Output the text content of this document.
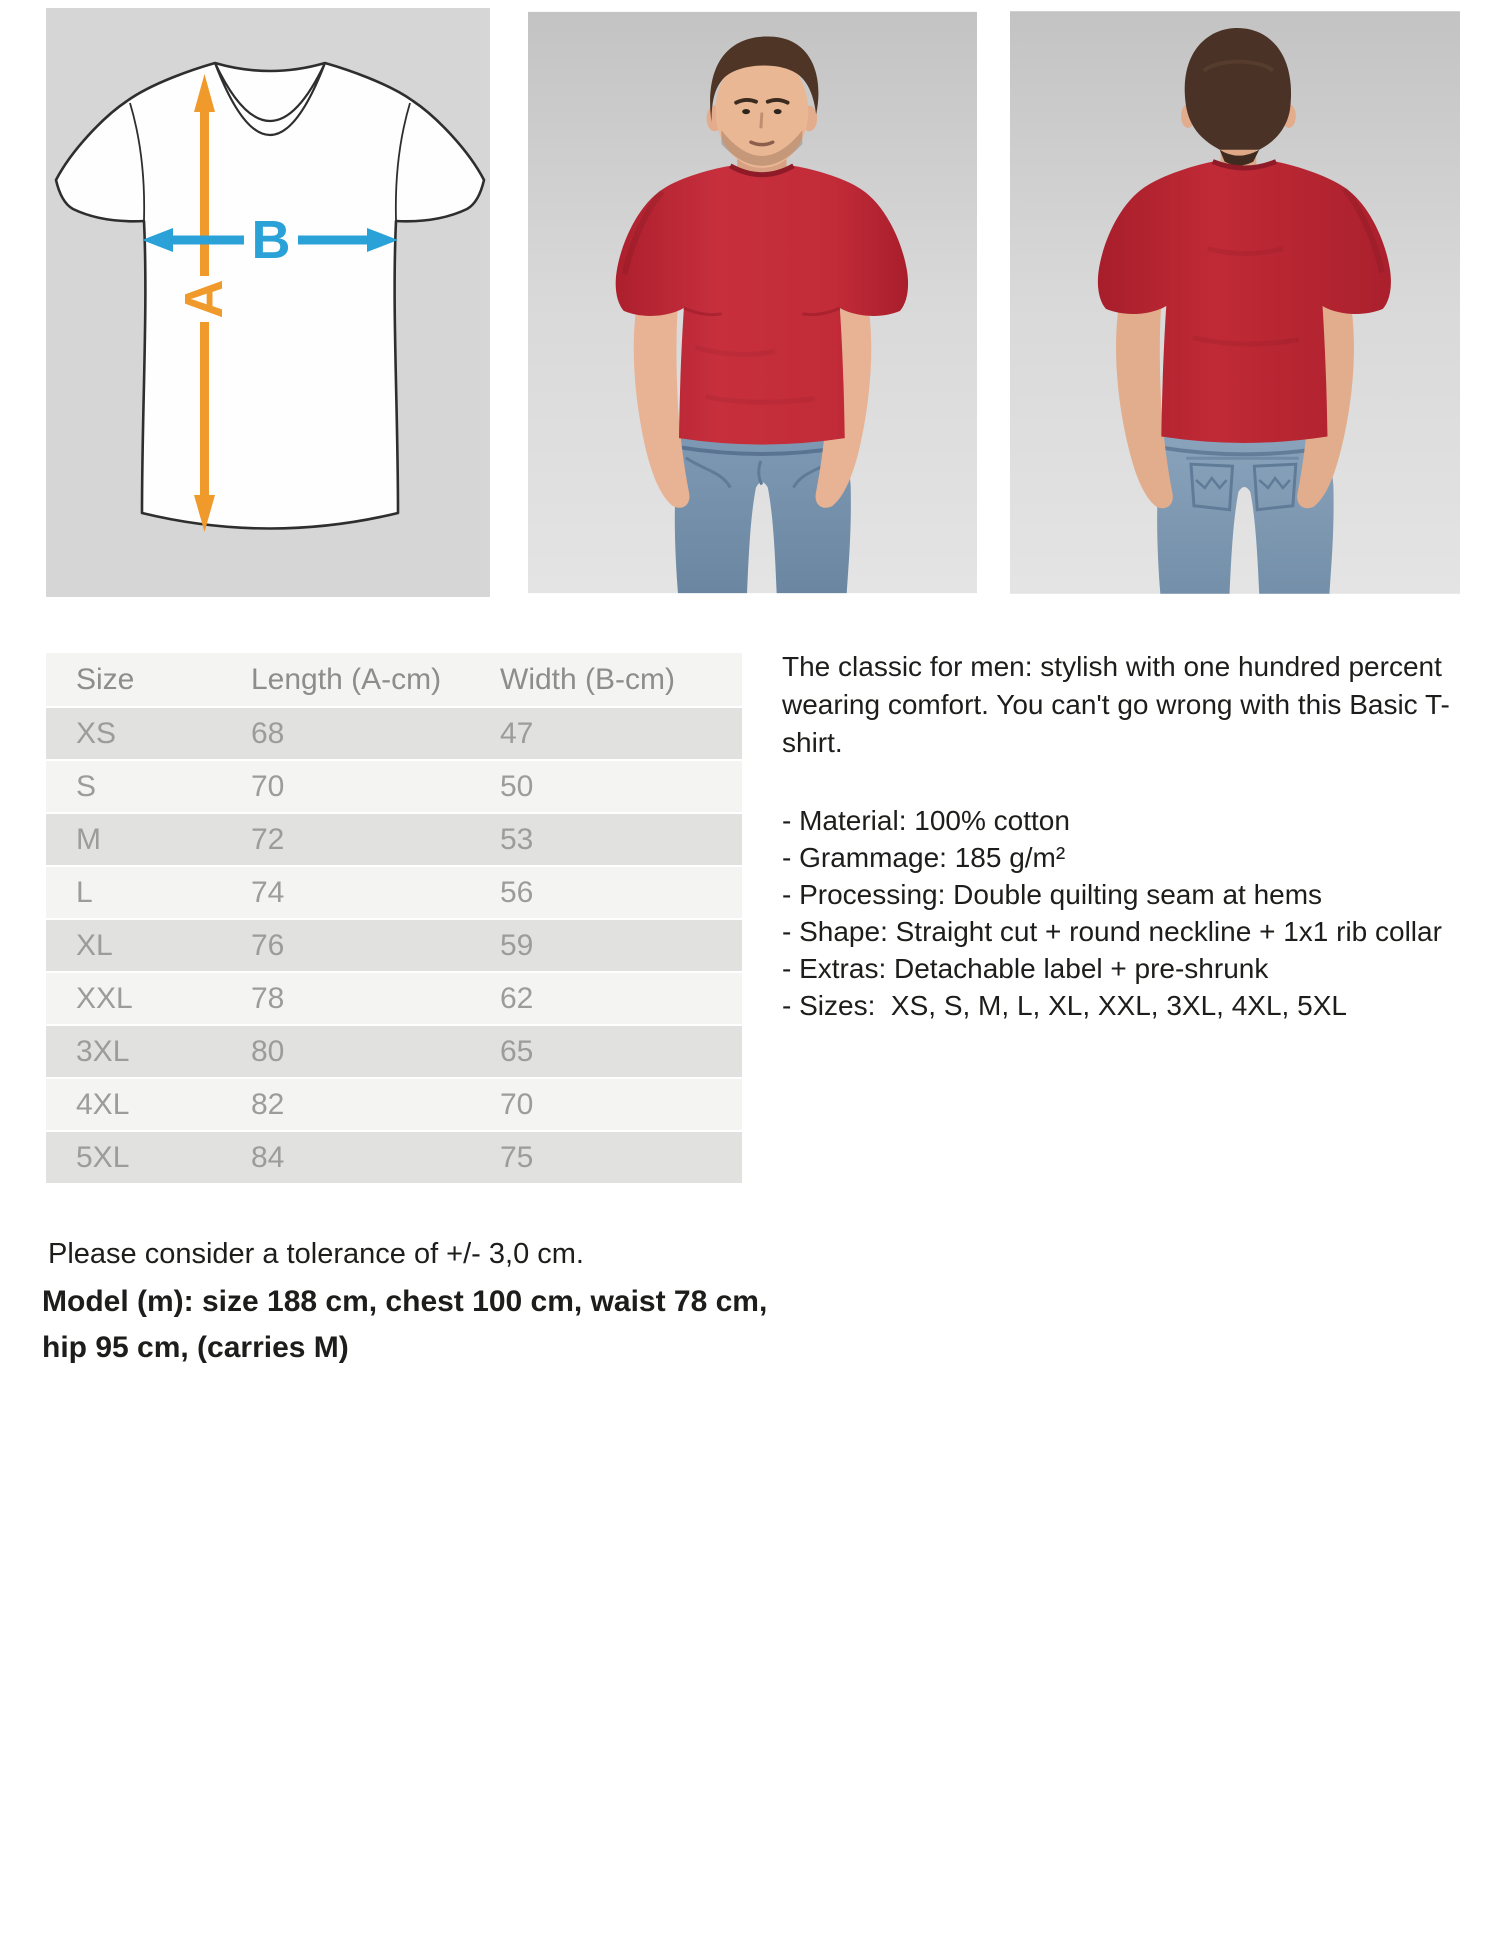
A
B
Size	Length (A-cm)	Width (B-cm)
XS	68	47
S	70	50
M	72	53
L	74	56
XL	76	59
XXL	78	62
3XL	80	65
4XL	82	70
5XL	84	75

The classic for men: stylish with one hundred percent wearing comfort. You can't go wrong with this Basic T-shirt.

- Material: 100% cotton
- Grammage: 185 g/m²
- Processing: Double quilting seam at hems
- Shape: Straight cut + round neckline + 1x1 rib collar
- Extras: Detachable label + pre-shrunk
- Sizes:  XS, S, M, L, XL, XXL, 3XL, 4XL, 5XL

Please consider a tolerance of +/- 3,0 cm.

Model (m): size 188 cm, chest 100 cm, waist 78 cm, hip 95 cm, (carries M)
